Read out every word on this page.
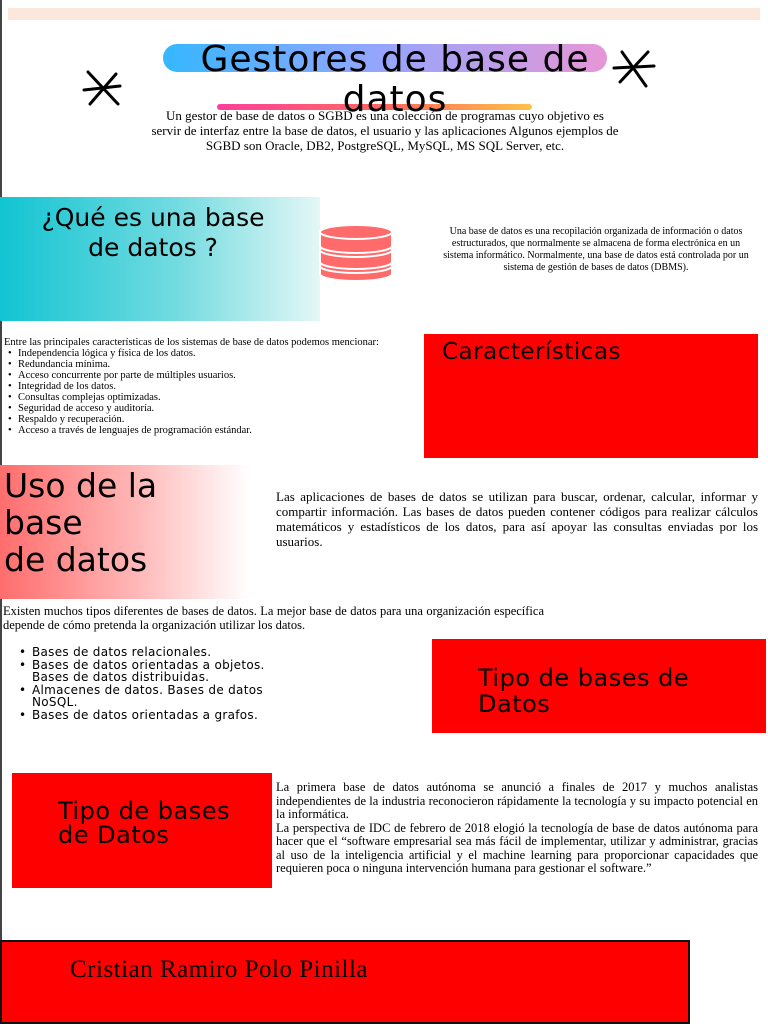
Gestores de base de datos
Un gestor de base de datos o SGBD es una colección de programas cuyo objetivo es servir de interfaz entre la base de datos, el usuario y las aplicaciones Algunos ejemplos de SGBD son Oracle, DB2, PostgreSQL, MySQL, MS SQL Server, etc.
¿Qué es una base de datos ?
Una base de datos es una recopilación organizada de información o datos estructurados, que normalmente se almacena de forma electrónica en un sistema informático. Normalmente, una base de datos está controlada por un sistema de gestión de bases de datos (DBMS).
Entre las principales características de los sistemas de base de datos podemos mencionar:
• Independencia lógica y física de los datos.
• Redundancia mínima.
• Acceso concurrente por parte de múltiples usuarios.
• Integridad de los datos.
• Consultas complejas optimizadas.
• Seguridad de acceso y auditoría.
• Respaldo y recuperación.
• Acceso a través de lenguajes de programación estándar.
Características
Uso de la
base
de datos
Las aplicaciones de bases de datos se utilizan para buscar, ordenar, calcular, informar y compartir información. Las bases de datos pueden contener códigos para realizar cálculos matemáticos y estadísticos de los datos, para así apoyar las consultas enviadas por los usuarios.
Existen muchos tipos diferentes de bases de datos. La mejor base de datos para una organización específica depende de cómo pretenda la organización utilizar los datos.
• Bases de datos relacionales.
• Bases de datos orientadas a objetos. Bases de datos distribuidas.
• Almacenes de datos. Bases de datos NoSQL.
• Bases de datos orientadas a grafos.
Tipo de bases de Datos
Tipo de bases de Datos
La primera base de datos autónoma se anunció a finales de 2017 y muchos analistas independientes de la industria reconocieron rápidamente la tecnología y su impacto potencial en la informática.
La perspectiva de IDC de febrero de 2018 elogió la tecnología de base de datos autónoma para hacer que el “software empresarial sea más fácil de implementar, utilizar y administrar, gracias al uso de la inteligencia artificial y el machine learning para proporcionar capacidades que requieren poca o ninguna intervención humana para gestionar el software.”
Cristian Ramiro Polo Pinilla
